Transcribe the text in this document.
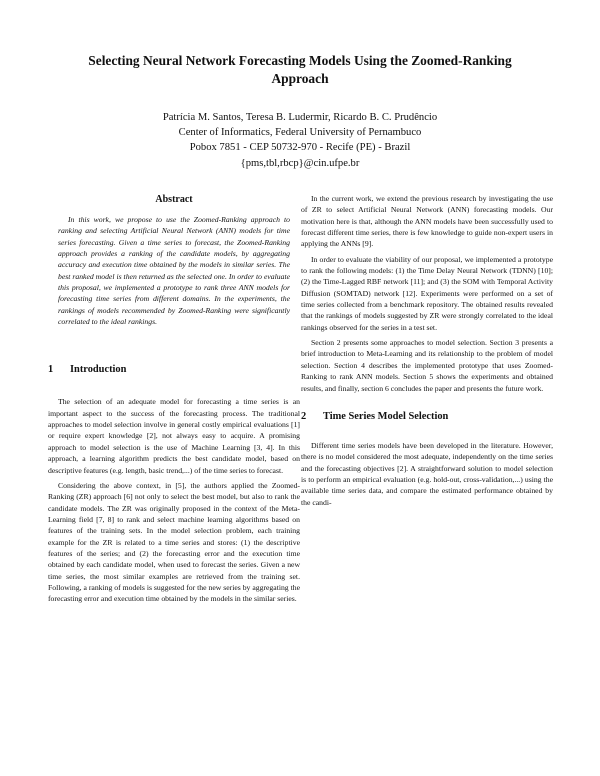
Selecting Neural Network Forecasting Models Using the Zoomed-Ranking Approach
Patrícia M. Santos, Teresa B. Ludermir, Ricardo B. C. Prudêncio
Center of Informatics, Federal University of Pernambuco
Pobox 7851 - CEP 50732-970 - Recife (PE) - Brazil
{pms,tbl,rbcp}@cin.ufpe.br
Abstract

In this work, we propose to use the Zoomed-Ranking approach to ranking and selecting Artificial Neural Network (ANN) models for time series forecasting. Given a time series to forecast, the Zoomed-Ranking approach provides a ranking of the candidate models, by aggregating accuracy and execution time obtained by the models in similar series. The best ranked model is then returned as the selected one. In order to evaluate this proposal, we implemented a prototype to rank three ANN models for forecasting time series from different domains. In the experiments, the rankings of models recommended by Zoomed-Ranking were significantly correlated to the ideal rankings.

1 Introduction

The selection of an adequate model for forecasting a time series is an important aspect to the success of the forecasting process. The traditional approaches to model selection involve in general costly empirical evaluations [1] or require expert knowledge [2], not always easy to acquire. A promising approach to model selection is the use of Machine Learning [3, 4]. In this approach, a learning algorithm predicts the best candidate model, based on descriptive features (e.g. length, basic trend,...) of the time series to forecast.

Considering the above context, in [5], the authors applied the Zoomed-Ranking (ZR) approach [6] not only to select the best model, but also to rank the candidate models. The ZR was originally proposed in the context of the Meta-Learning field [7, 8] to rank and select machine learning algorithms based on features of the training sets. In the model selection problem, each training example for the ZR is related to a time series and stores: (1) the descriptive features of the series; and (2) the forecasting error and the execution time obtained by each candidate model, when used to forecast the series. Given a new time series, the most similar examples are retrieved from the training set. Following, a ranking of models is suggested for the new series by aggregating the forecasting error and execution time obtained by the models in the similar series.

In the current work, we extend the previous research by investigating the use of ZR to select Artificial Neural Network (ANN) forecasting models. Our motivation here is that, although the ANN models have been successfully used to forecast different time series, there is few knowledge to guide non-expert users in applying the ANNs [9].

In order to evaluate the viability of our proposal, we implemented a prototype to rank the following models: (1) the Time Delay Neural Network (TDNN) [10]; (2) the Time-Lagged RBF network [11]; and (3) the SOM with Temporal Activity Diffusion (SOMTAD) network [12]. Experiments were performed on a set of time series collected from a benchmark repository. The obtained results revealed that the rankings of models suggested by ZR were strongly correlated to the ideal rankings observed for the series in a test set.

Section 2 presents some approaches to model selection. Section 3 presents a brief introduction to Meta-Learning and its relationship to the problem of model selection. Section 4 describes the implemented prototype that uses Zoomed-Ranking to rank ANN models. Section 5 shows the experiments and obtained results, and finally, section 6 concludes the paper and presents the future work.

2 Time Series Model Selection

Different time series models have been developed in the literature. However, there is no model considered the most adequate, independently on the time series and the forecasting objectives [2]. A straightforward solution to model selection is to perform an empirical evaluation (e.g. hold-out, cross-validation,...) using the available time series data, and compare the estimated performance obtained by the candi-
